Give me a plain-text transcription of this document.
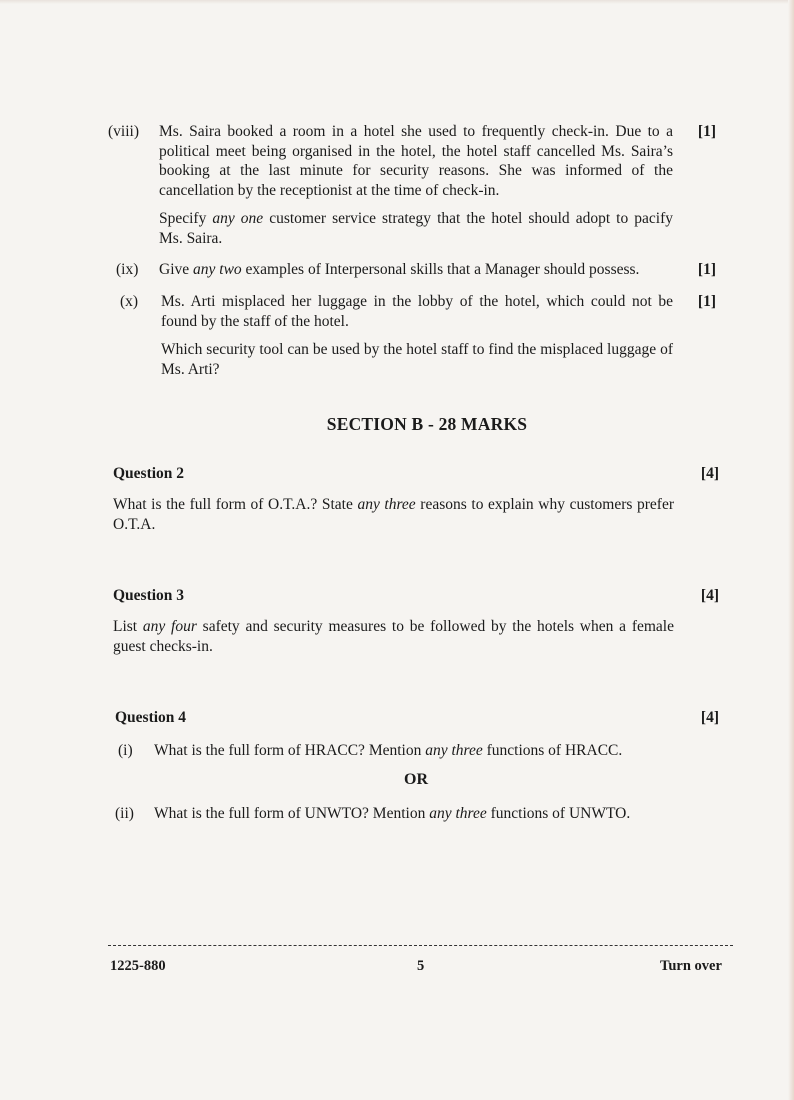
(viii) Ms. Saira booked a room in a hotel she used to frequently check-in. Due to a political meet being organised in the hotel, the hotel staff cancelled Ms. Saira’s booking at the last minute for security reasons. She was informed of the cancellation by the receptionist at the time of check-in.

Specify any one customer service strategy that the hotel should adopt to pacify Ms. Saira.

[1]
(ix) Give any two examples of Interpersonal skills that a Manager should possess.	[1]
(x) Ms. Arti misplaced her luggage in the lobby of the hotel, which could not be found by the staff of the hotel.

Which security tool can be used by the hotel staff to find the misplaced luggage of Ms. Arti?

[1]
SECTION B - 28 MARKS
Question 2	[4]
What is the full form of O.T.A.? State any three reasons to explain why customers prefer O.T.A.
Question 3	[4]
List any four safety and security measures to be followed by the hotels when a female guest checks-in.
Question 4	[4]
(i) What is the full form of HRACC? Mention any three functions of HRACC.
OR
(ii) What is the full form of UNWTO? Mention any three functions of UNWTO.
1225-880	5	Turn over
